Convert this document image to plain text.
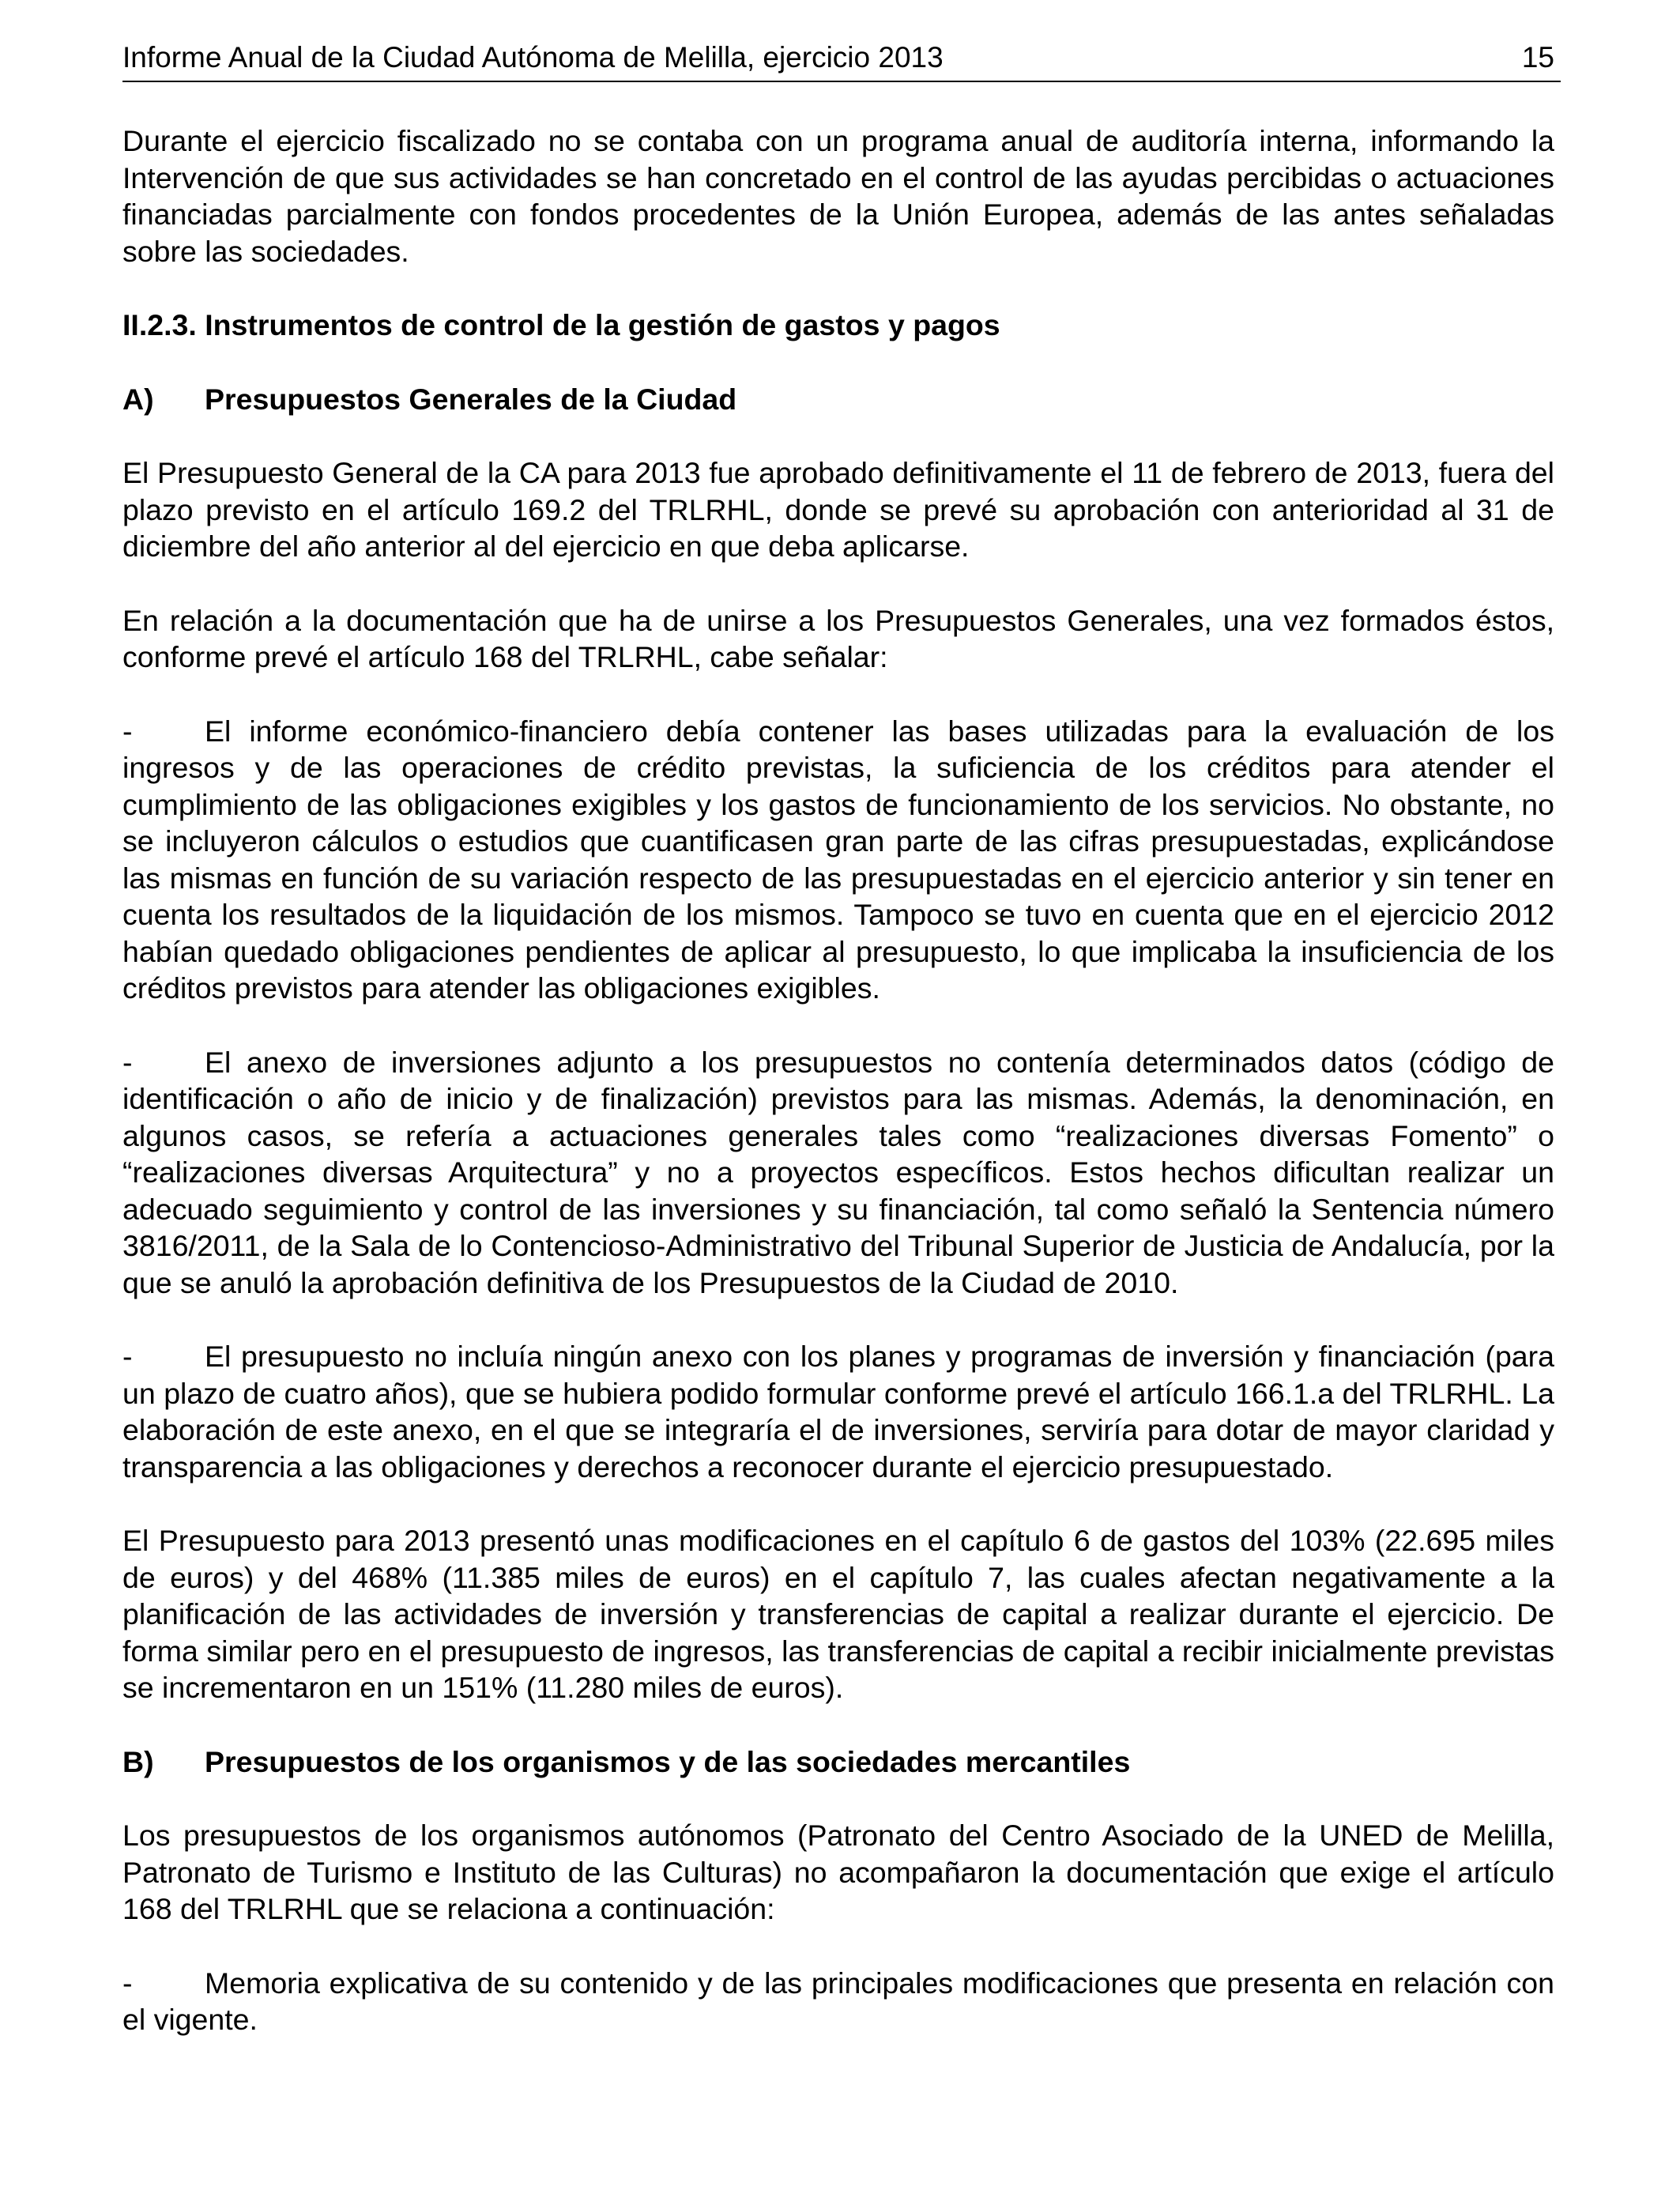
Informe Anual de la Ciudad Autónoma de Melilla, ejercicio 2013	15

Durante el ejercicio fiscalizado no se contaba con un programa anual de auditoría interna, informando la Intervención de que sus actividades se han concretado en el control de las ayudas percibidas o actuaciones financiadas parcialmente con fondos procedentes de la Unión Europea, además de las antes señaladas sobre las sociedades.

II.2.3. Instrumentos de control de la gestión de gastos y pagos
A)	Presupuestos Generales de la Ciudad

El Presupuesto General de la CA para 2013 fue aprobado definitivamente el 11 de febrero de 2013, fuera del plazo previsto en el artículo 169.2 del TRLRHL, donde se prevé su aprobación con anterioridad al 31 de diciembre del año anterior al del ejercicio en que deba aplicarse.

En relación a la documentación que ha de unirse a los Presupuestos Generales, una vez formados éstos, conforme prevé el artículo 168 del TRLRHL, cabe señalar:

- El informe económico-financiero debía contener las bases utilizadas para la evaluación de los ingresos y de las operaciones de crédito previstas, la suficiencia de los créditos para atender el cumplimiento de las obligaciones exigibles y los gastos de funcionamiento de los servicios. No obstante, no se incluyeron cálculos o estudios que cuantificasen gran parte de las cifras presupuestadas, explicándose las mismas en función de su variación respecto de las presupuestadas en el ejercicio anterior y sin tener en cuenta los resultados de la liquidación de los mismos. Tampoco se tuvo en cuenta que en el ejercicio 2012 habían quedado obligaciones pendientes de aplicar al presupuesto, lo que implicaba la insuficiencia de los créditos previstos para atender las obligaciones exigibles.
- El anexo de inversiones adjunto a los presupuestos no contenía determinados datos (código de identificación o año de inicio y de finalización) previstos para las mismas. Además, la denominación, en algunos casos, se refería a actuaciones generales tales como “realizaciones diversas Fomento” o “realizaciones diversas Arquitectura” y no a proyectos específicos. Estos hechos dificultan realizar un adecuado seguimiento y control de las inversiones y su financiación, tal como señaló la Sentencia número 3816/2011, de la Sala de lo Contencioso-Administrativo del Tribunal Superior de Justicia de Andalucía, por la que se anuló la aprobación definitiva de los Presupuestos de la Ciudad de 2010.
- El presupuesto no incluía ningún anexo con los planes y programas de inversión y financiación (para un plazo de cuatro años), que se hubiera podido formular conforme prevé el artículo 166.1.a del TRLRHL. La elaboración de este anexo, en el que se integraría el de inversiones, serviría para dotar de mayor claridad y transparencia a las obligaciones y derechos a reconocer durante el ejercicio presupuestado.

El Presupuesto para 2013 presentó unas modificaciones en el capítulo 6 de gastos del 103% (22.695 miles de euros) y del 468% (11.385 miles de euros) en el capítulo 7, las cuales afectan negativamente a la planificación de las actividades de inversión y transferencias de capital a realizar durante el ejercicio. De forma similar pero en el presupuesto de ingresos, las transferencias de capital a recibir inicialmente previstas se incrementaron en un 151% (11.280 miles de euros).

B)	Presupuestos de los organismos y de las sociedades mercantiles

Los presupuestos de los organismos autónomos (Patronato del Centro Asociado de la UNED de Melilla, Patronato de Turismo e Instituto de las Culturas) no acompañaron la documentación que exige el artículo 168 del TRLRHL que se relaciona a continuación:

- Memoria explicativa de su contenido y de las principales modificaciones que presenta en relación con el vigente.
